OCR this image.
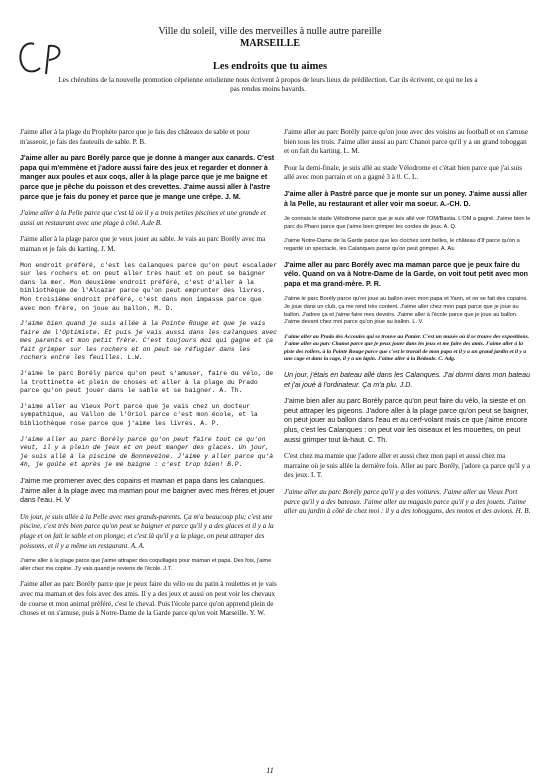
Ville du soleil, ville des merveilles à nulle autre pareille
MARSEILLE
Les endroits que tu aimes
Les chérubins de la nouvelle promotion cépéienne oriolienne nous écrivent à propos de leurs lieux de prédilection. Car ils écrivent, ce qui ne les a pas rendus moins bavards.

J'aime aller à la plage du Prophète parce que je fais des châteaux de sable et pour m'asseoir, je fais des fauteuils de sable. P. B.

J'aime aller au parc Borély parce que je donne à manger aux canards. C'est papa qui m'emmène et j'adore aussi faire des jeux et regarder et donner à manger aux poules et aux coqs, aller à la plage parce que je me baigne et parce que je pêche du poisson et des crevettes. J'aime aussi aller à l'astre parce que je fais du poney et parce que je mange une crêpe. J. M.

J'aime aller à la Pelle parce que c'est là où il y a trois petites piscines et une grande et aussi un restaurant avec une plage à côté. A.de B.

J'aime aller à la plage parce que je veux jouer au sable. Je vais au parc Borély avec ma maman et je fais du karting. J. M.

Mon endroit préféré, c'est les calanques parce qu'on peut escalader sur les rochers et on peut aller très haut et on peut se baigner dans la mer. Mon deuxième endroit préféré, c'est d'aller à la bibliothèque de l'Alcazar parce qu'on peut emprunter des livres. Mon troisième endroit préféré, c'est dans mon impasse parce que avec mon frère, on joue au ballon. M. D.

J'aime bien quand je suis allée à la Pointe Rouge et que je vais faire de l'Optimiste. Et puis je vais aussi dans les calanques avec mes parents et mon petit frère. C'est toujours moi qui gagne et ça fait grimper sur les rochers et on peut se réfugier dans les rochers entre les feuilles. L.W.

J'aime le parc Borély parce qu'on peut s'amuser, faire du vélo, de la trottinette et plein de choses et aller à la plage du Prado parce qu'on peut jouer dans le sable et se baigner. A. Th.

J'aime aller au Vieux Port parce que je vais chez un docteur sympathique, au Vallon de l'Oriol parce c'est mon école, et la bibliothèque rose parce que j'aime les livres. A. P.

J'aime aller au parc Borély parce qu'on peut faire tout ce qu'on veut, il y a plein de jeux et on peut manger des glaces. Un jour, je suis allé à la piscine de Bonneveine. J'aime y aller parce qu'à 4h, je goûte et après je me baigne : c'est trop bien! B.P.

J'aime me promener avec des copains et maman et papa dans les calanques. J'aime aller à la plage avec ma maman pour me baigner avec mes frères et jouer dans l'eau. H. V

Un jour, je suis allée à la Pelle avec mes grands-parents. Ça m'a beaucoup plu; c'est une piscine, c'est très bien parce qu'on peut se baigner et parce qu'il y a des glaces et il y a la plage et on fait le sable et on plonge; et c'est là qu'il y a la plage, on peut attraper des poissons, et il y a même un restaurant. A. A.

J'aime aller à la plage parce que j'aime attraper des coquillages pour maman et papa. Des fois, j'aime aller chez ma copine. J'y vais quand je reviens de l'école. J.T.

J'aime aller au parc Borély parce que je peux faire du vélo ou du patin à roulettes et je vais avec ma maman et des fois avec des amis. Il y a des jeux et aussi on peut voir les chevaux de course et mon animal préféré, c'est le cheval. Puis l'école parce qu'on apprend plein de choses et on s'amuse, puis à Notre-Dame de la Garde parce qu'on voit Marseille. Y. W.

J'aime aller au parc Borély parce qu'on joue avec des voisins au football et on s'amuse bien tous les trois. J'aime aller aussi au parc Chanot parce qu'il y a un grand toboggan et on fait du karting. L. M.

Pour la demi-finale, je suis allé au stade Vélodrome et c'était bien parce que j'ai suis allé avec mon parrain et on a gagné 3 à 0. C. L.

J'aime aller à Pastré parce que je monte sur un poney. J'aime aussi aller à la Pelle, au restaurant et aller voir ma soeur. A.-CH. D.

Je connais le stade Vélodrome parce que je suis allé voir l'OM/Bastia. L'OM a gagné. J'aime bien le parc du Pharo parce que j'aime bien grimper les cordes de jeux. A. Q.

J'aime Notre-Dame de la Garde parce que les cloches sont belles, le château d'If parce qu'on a regardé un spectacle, les Calanques parce qu'on peut grimper. A. As.

J'aime aller au parc Borély avec ma maman parce que je peux faire du vélo. Quand on va à Notre-Dame de la Garde, on voit tout petit avec mon papa et ma grand-mère. P. R.

J'aime le parc Borély parce qu'on joue au ballon avec mon papa et Yann, et on se fait des copains. Je joue dans un club, ça me rend très content. J'aime aller chez mon papi parce que je joue au ballon. J'adore ça et j'aime faire mes devoirs. J'aime aller à l'école parce que je joue au ballon. J'aime devant chez moi parce qu'on joue au ballon. L. V.

J'aime aller au Prado des Accoules qui se trouve au Panier. C'est un musée où il se trouve des expositions. J'aime aller au parc Chanot parce que je peux jouer dans les jeux et me faire des amis. J'aime aller à la piste des rollers, à la Pointe Rouge parce que c'est le travail de mon papa et il y a un grand jardin et il y a une cage et dans la cage, il y a un lapin. J'aime aller à la Bédoule. C. Adg.

Un jour, j'étais en bateau allé dans les Calanques. J'ai dormi dans mon bateau et j'ai joué à l'ordinateur. Ça m'a plu. J.D.

J'aime bien aller au parc Borély parce qu'on peut faire du vélo, la sieste et on peut attraper les pigeons. J'adore aller à la plage parce qu'on peut se baigner, on peut jouer au ballon dans l'eau et au cerf-volant mais ce que j'aime encore plus, c'est les Calanques : on peut voir les oiseaux et les mouettes, on peut aussi grimper tout là-haut. C. Th.

C'est chez ma mamie que j'adore aller et aussi chez mon papi et aussi chez ma marraine où je suis allée la dernière fois. Aller au parc Borély, j'adore ça parce qu'il y a des jeux. I. T.

J'aime aller au parc Borély parce qu'il y a des voitures. J'aime aller au Vieux Port parce qu'il y a des bateaux. J'aime aller au magasin parce qu'il y a des jouets. J'aime aller au jardin à côté de chez moi : il y a des toboggans, des motos et des avions. H. B.

11
